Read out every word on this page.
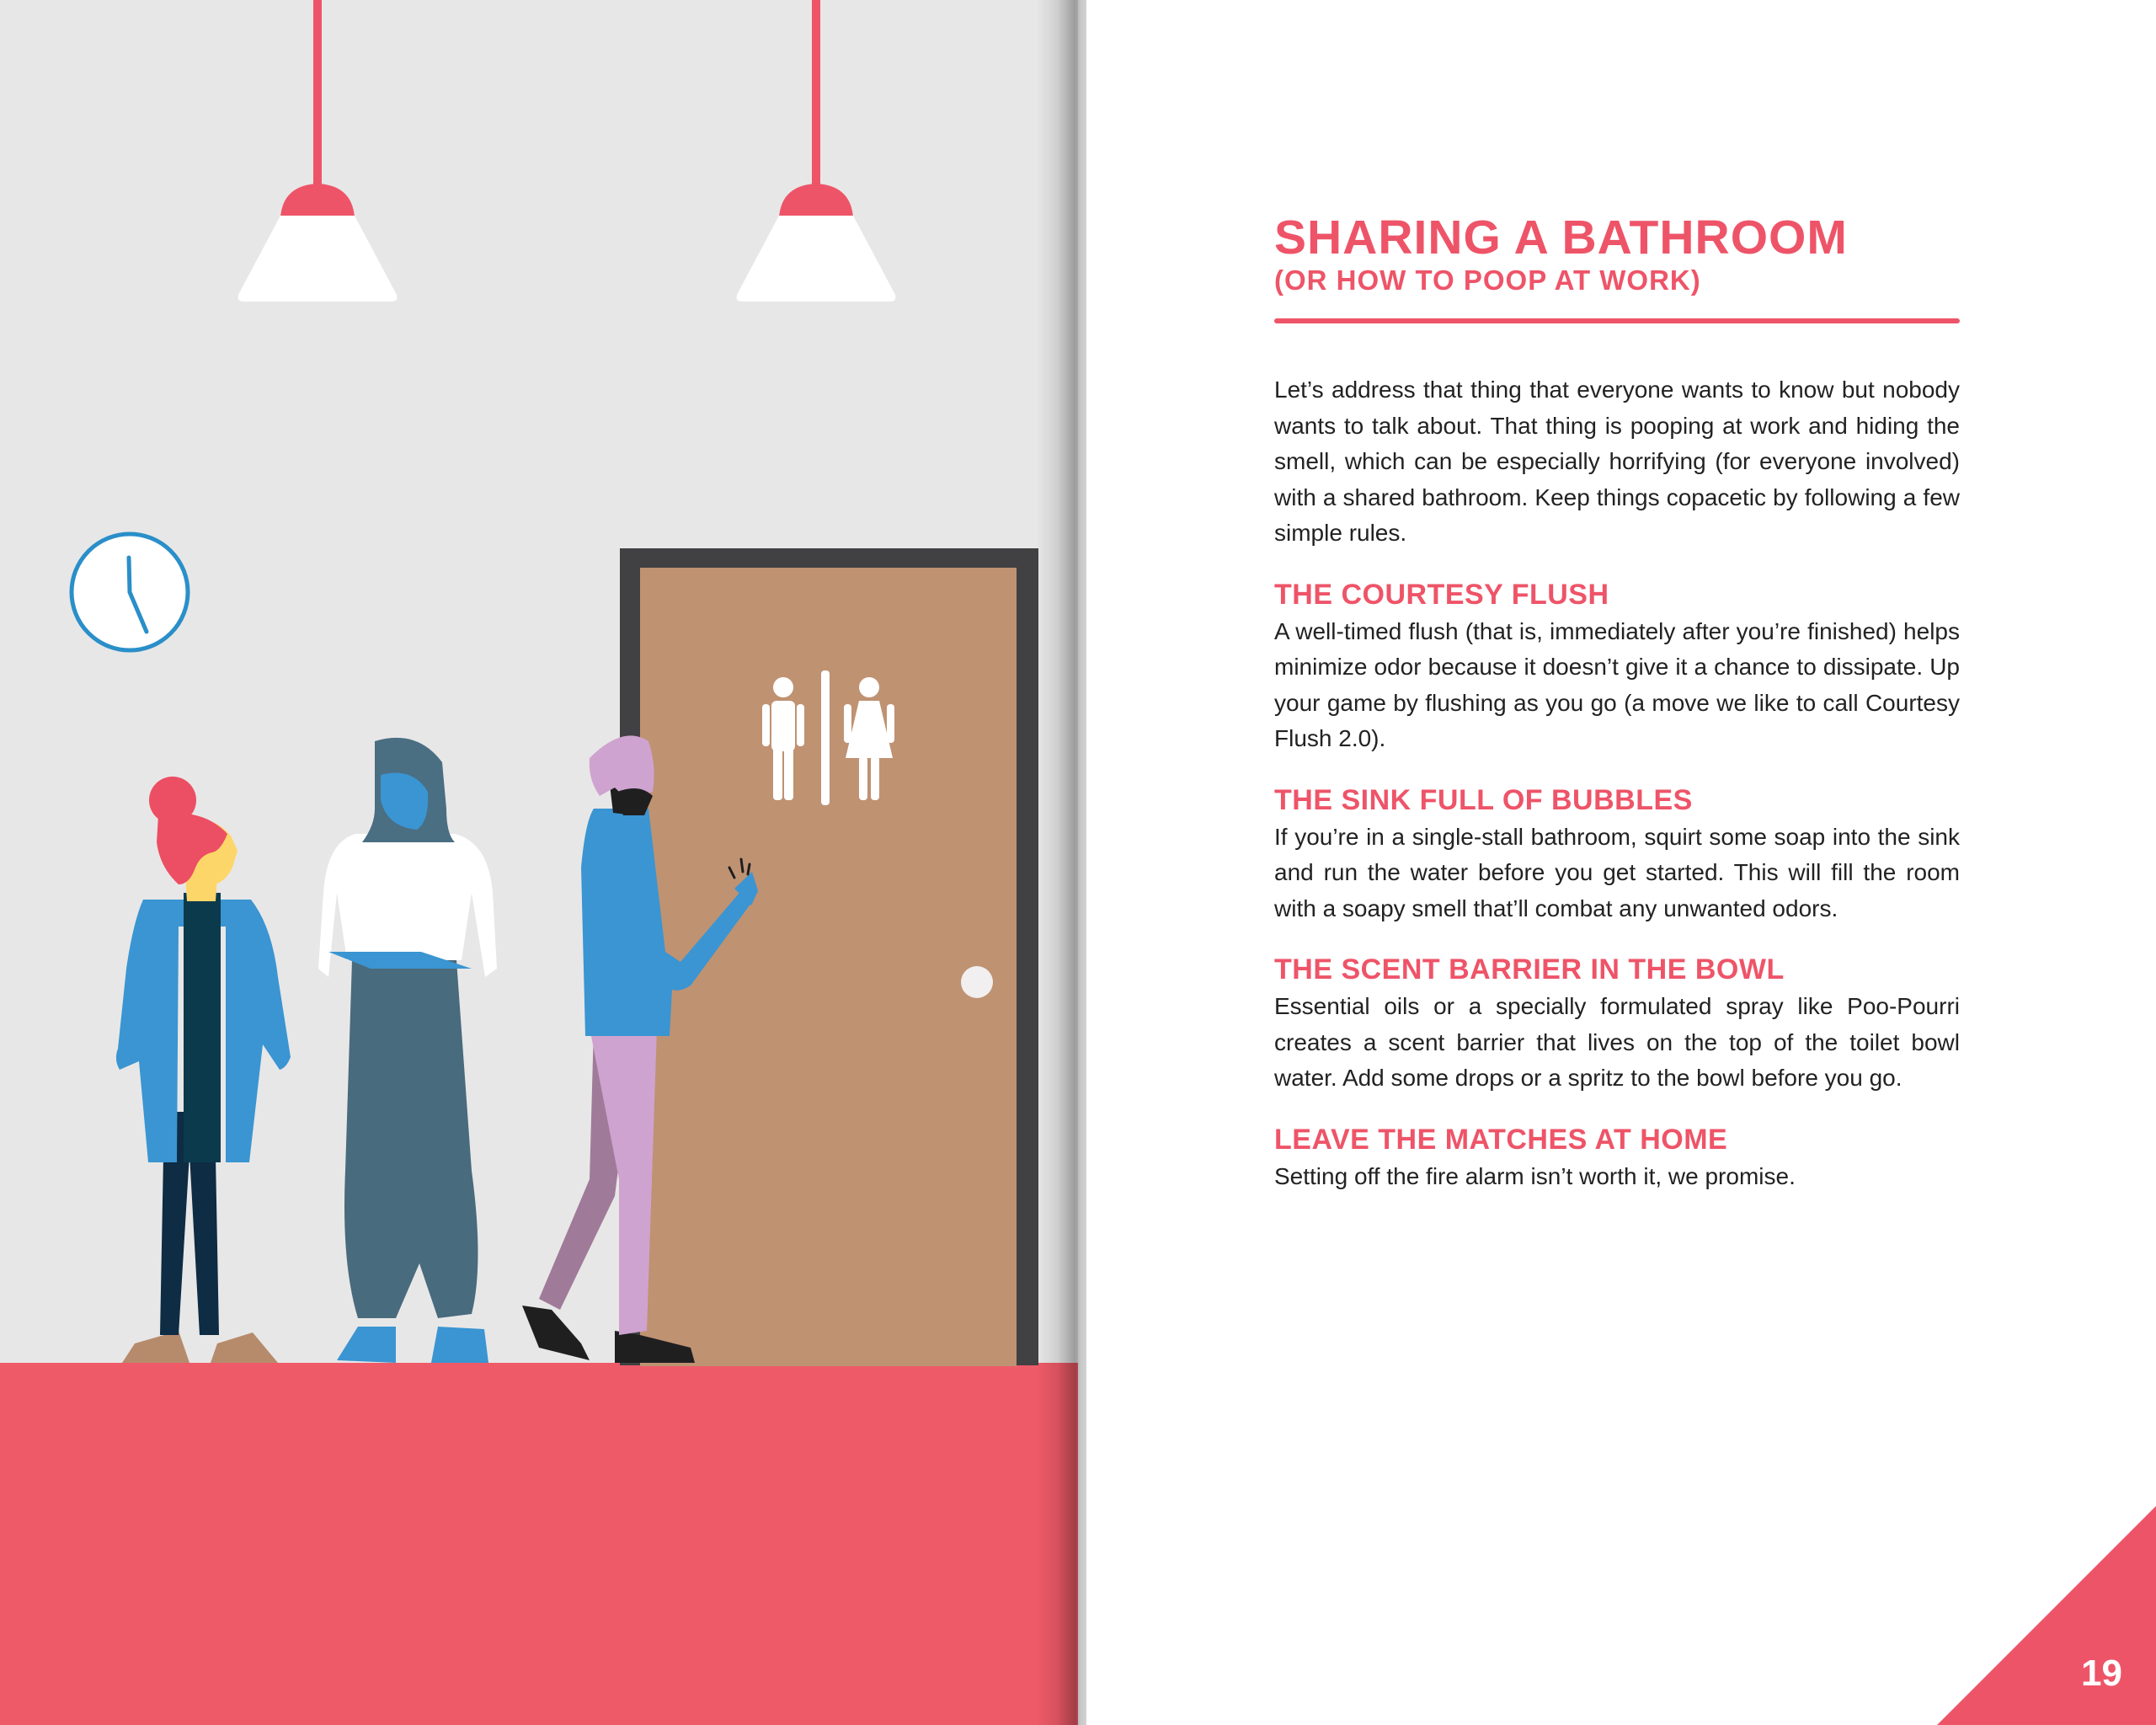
SHARING A BATHROOM
(OR HOW TO POOP AT WORK)

Let’s address that thing that everyone wants to know but nobody wants to talk about. That thing is pooping at work and hiding the smell, which can be especially horrifying (for everyone involved) with a shared bathroom. Keep things copacetic by following a few simple rules.

THE COURTESY FLUSH

A well-timed flush (that is, immediately after you’re finished) helps minimize odor because it doesn’t give it a chance to dissipate. Up your game by flushing as you go (a move we like to call Courtesy Flush 2.0).

THE SINK FULL OF BUBBLES

If you’re in a single-stall bathroom, squirt some soap into the sink and run the water before you get started. This will fill the room with a soapy smell that’ll combat any unwanted odors.

THE SCENT BARRIER IN THE BOWL

Essential oils or a specially formulated spray like Poo-Pourri creates a scent barrier that lives on the top of the toilet bowl water. Add some drops or a spritz to the bowl before you go.

LEAVE THE MATCHES AT HOME

Setting off the fire alarm isn’t worth it, we promise.

19
